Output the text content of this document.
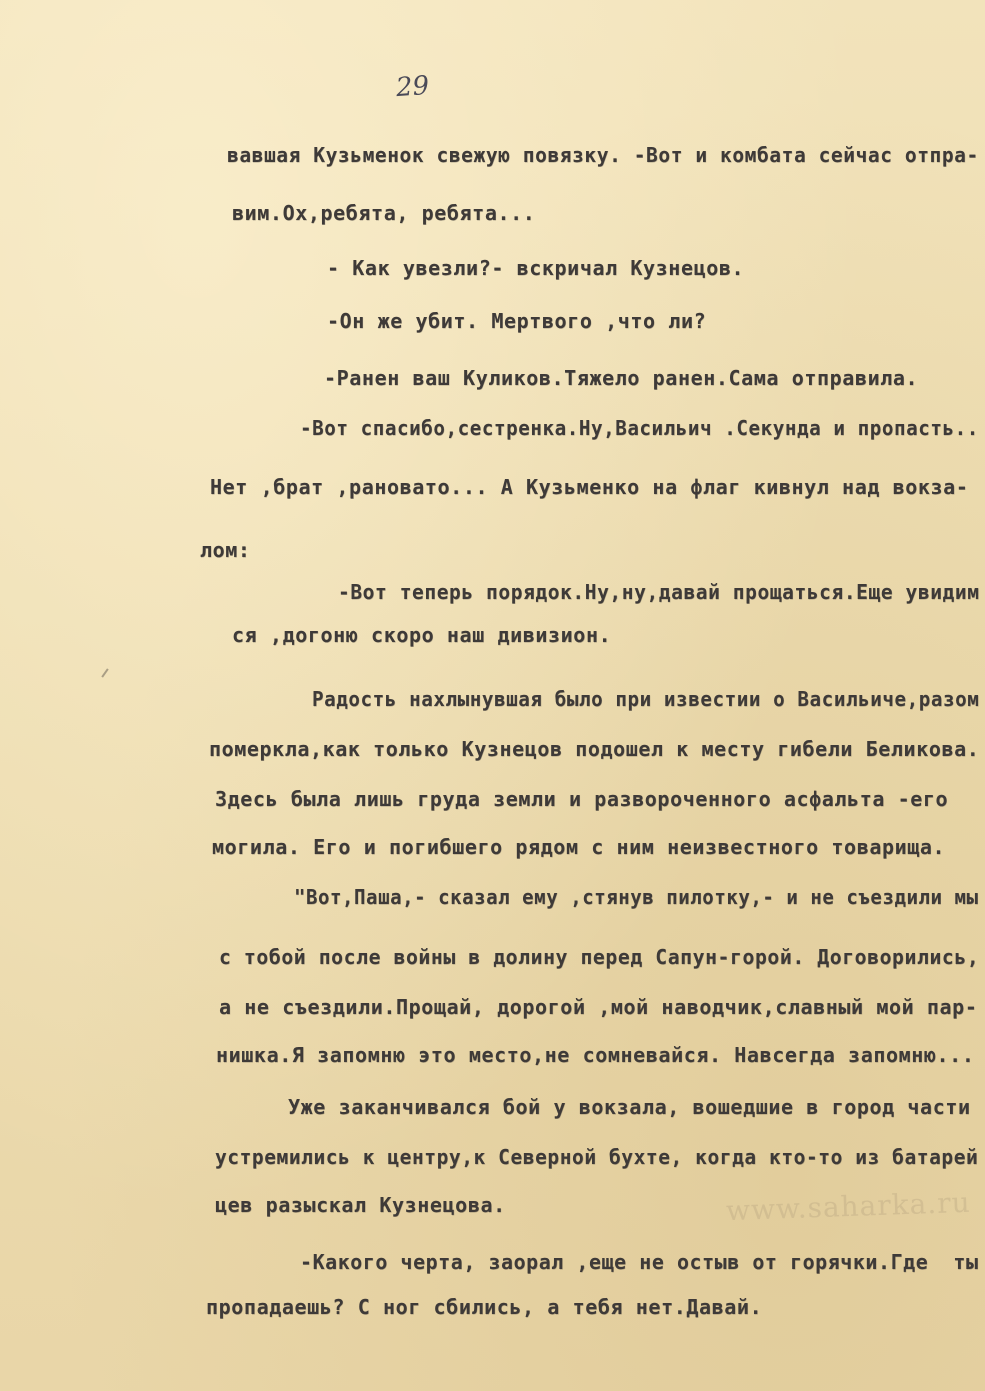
29
вавшая Кузьменок свежую повязку. -Вот и комбата сейчас отпра-
вим.Ох,ребята, ребята...
- Как увезли?- вскричал Кузнецов.
-Он же убит. Мертвого ,что ли?
-Ранен ваш Куликов.Тяжело ранен.Сама отправила.
-Вот спасибо,сестренка.Ну,Васильич .Секунда и пропасть..
Нет ,брат ,рановато... А Кузьменко на флаг кивнул над вокза-
лом:
-Вот теперь порядок.Ну,ну,давай прощаться.Еще увидим
ся ,догоню скоро наш дивизион.
Радость нахлынувшая было при известии о Васильиче,разом
померкла,как только Кузнецов подошел к месту гибели Беликова.
Здесь была лишь груда земли и развороченного асфальта -его
могила. Его и погибшего рядом с ним неизвестного товарища.
"Вот,Паша,- сказал ему ,стянув пилотку,- и не съездили мы
с тобой после войны в долину перед Сапун-горой. Договорились,
а не съездили.Прощай, дорогой ,мой наводчик,славный мой пар-
нишка.Я запомню это место,не сомневайся. Навсегда запомню...
Уже заканчивался бой у вокзала, вошедшие в город части
устремились к центру,к Северной бухте, когда кто-то из батарей
цев разыскал Кузнецова.
-Какого черта, заорал ,еще не остыв от горячки.Где  ты
пропадаешь? С ног сбились, а тебя нет.Давай.
www.saharka.ru
